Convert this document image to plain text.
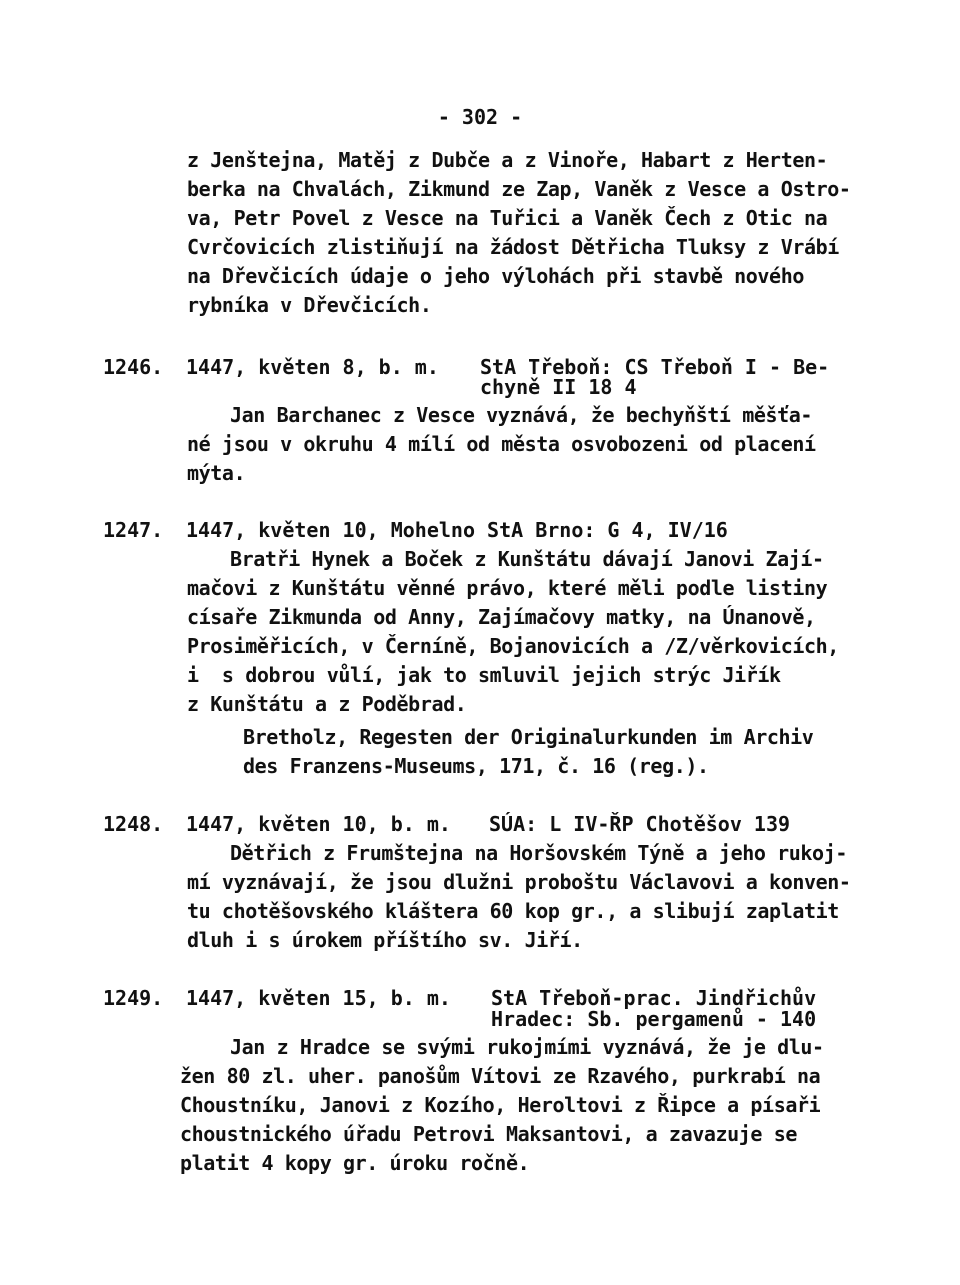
- 302 -
z Jenštejna, Matěj z Dubče a z Vinoře, Habart z Herten-
berka na Chvalách, Zikmund ze Zap, Vaněk z Vesce a Ostro-
va, Petr Povel z Vesce na Tuřici a Vaněk Čech z Otic na
Cvrčovicích zlistiňují na žádost Dětřicha Tluksy z Vrábí
na Dřevčicích údaje o jeho výlohách při stavbě nového
rybníka v Dřevčicích.
1246. 1447, květen 8, b. m. StA Třeboň: CS Třeboň I - Be-
chyně II 18 4
Jan Barchanec z Vesce vyznává, že bechyňští měšťa-
né jsou v okruhu 4 mílí od města osvobozeni od placení
mýta.
1247. 1447, květen 10, Mohelno StA Brno: G 4, IV/16
Bratři Hynek a Boček z Kunštátu dávají Janovi Zají-
mačovi z Kunštátu věnné právo, které měli podle listiny
císaře Zikmunda od Anny, Zajímačovy matky, na Únanově,
Prosiměřicích, v Černíně, Bojanovicích a /Z/věrkovicích,
i  s dobrou vůlí, jak to smluvil jejich strýc Jiřík
z Kunštátu a z Poděbrad.
Bretholz, Regesten der Originalurkunden im Archiv
des Franzens-Museums, 171, č. 16 (reg.).
1248. 1447, květen 10, b. m. SÚA: L IV-ŘP Chotěšov 139
Dětřich z Frumštejna na Horšovském Týně a jeho rukoj-
mí vyznávají, že jsou dlužni proboštu Václavovi a konven-
tu chotěšovského kláštera 60 kop gr., a slibují zaplatit
dluh i s úrokem příštího sv. Jiří.
1249. 1447, květen 15, b. m. StA Třeboň-prac. Jindřichův
Hradec: Sb. pergamenů - 140
Jan z Hradce se svými rukojmími vyznává, že je dlu-
žen 80 zl. uher. panošům Vítovi ze Rzavého, purkrabí na
Choustníku, Janovi z Kozího, Heroltovi z Řipce a písaři
choustnického úřadu Petrovi Maksantovi, a zavazuje se
platit 4 kopy gr. úroku ročně.
